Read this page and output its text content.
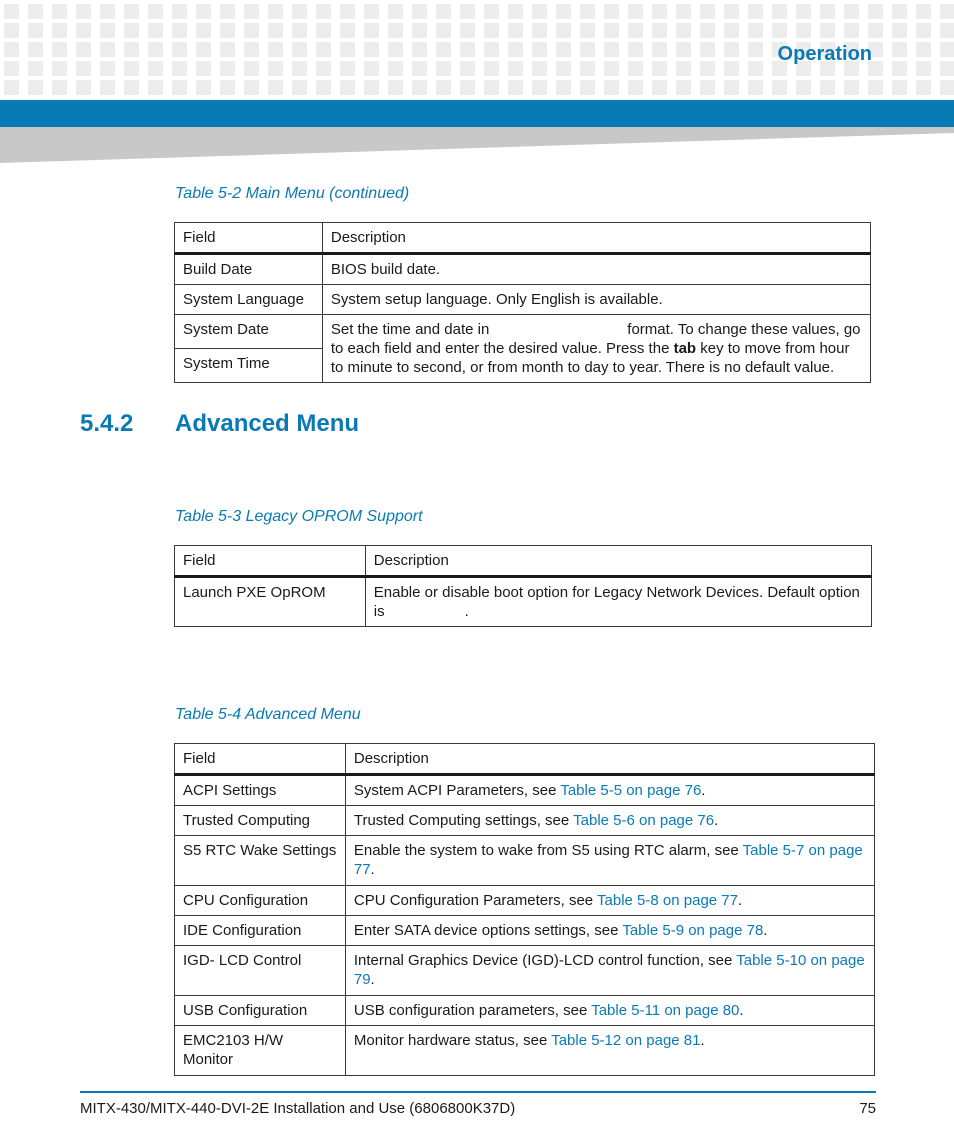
Operation
Table 5-2 Main Menu (continued)
Field	Description
Build Date	BIOS build date.
System Language	System setup language. Only English is available.
System Date	Set the time and date in format. To change these values, go to each field and enter the desired value. Press the tab key to move from hour to minute to second, or from month to day to year. There is no default value.
System Time	
5.4.2 Advanced Menu
Table 5-3 Legacy OPROM Support
Field	Description
Launch PXE OpROM	Enable or disable boot option for Legacy Network Devices. Default option is .
Table 5-4 Advanced Menu
Field	Description
ACPI Settings	System ACPI Parameters, see Table 5-5 on page 76.
Trusted Computing	Trusted Computing settings, see Table 5-6 on page 76.
S5 RTC Wake Settings	Enable the system to wake from S5 using RTC alarm, see Table 5-7 on page 77.
CPU Configuration	CPU Configuration Parameters, see Table 5-8 on page 77.
IDE Configuration	Enter SATA device options settings, see Table 5-9 on page 78.
IGD- LCD Control	Internal Graphics Device (IGD)-LCD control function, see Table 5-10 on page 79.
USB Configuration	USB configuration parameters, see Table 5-11 on page 80.
EMC2103 H/W Monitor	Monitor hardware status, see Table 5-12 on page 81.
MITX-430/MITX-440-DVI-2E Installation and Use (6806800K37D)	75
